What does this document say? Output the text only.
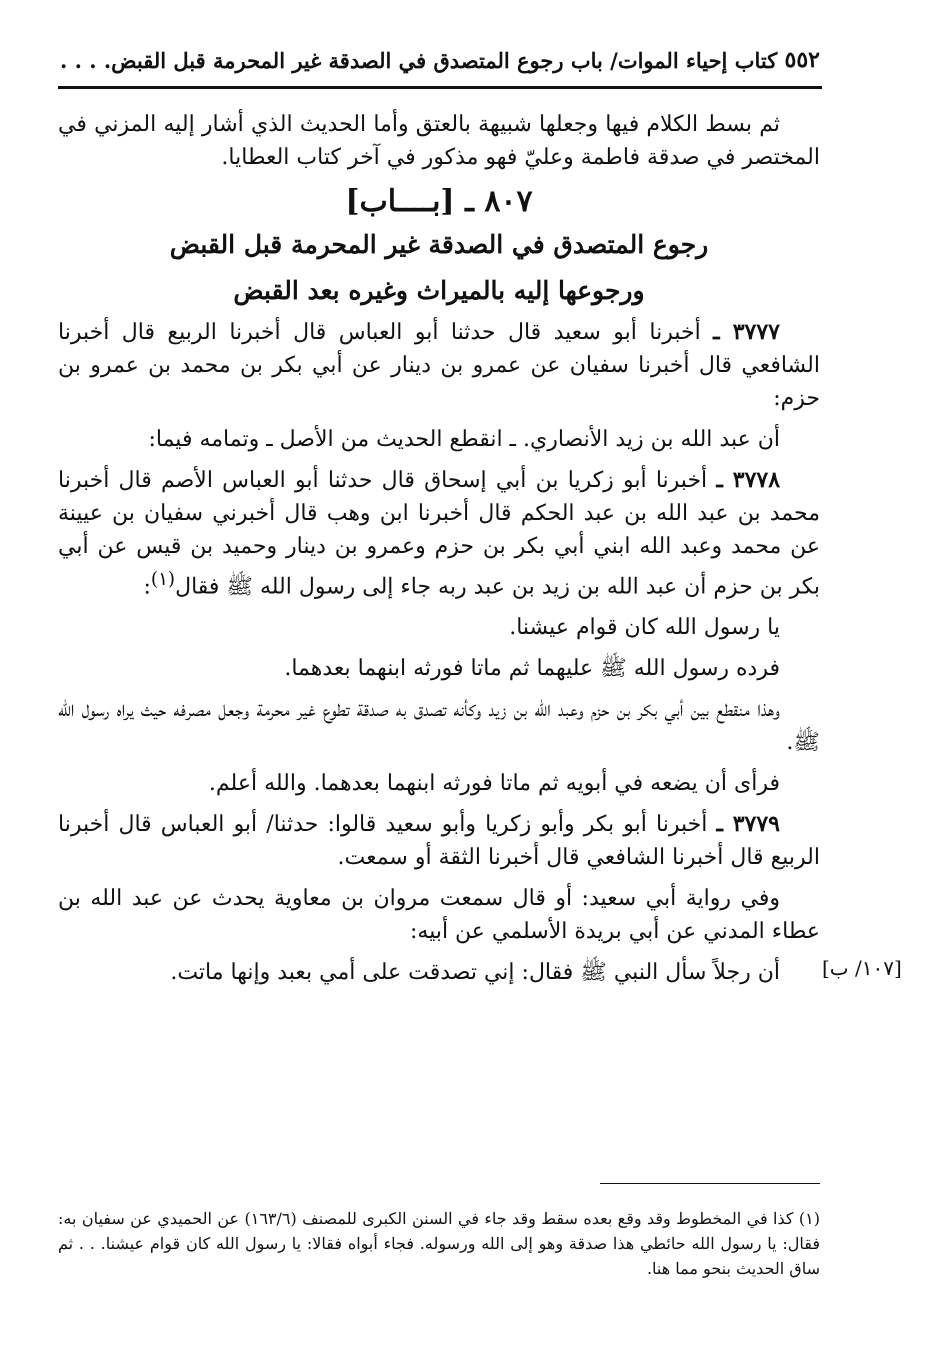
٥٥٢
كتاب إحياء الموات/ باب رجوع المتصدق في الصدقة غير المحرمة قبل القبض. . . .

ثم بسط الكلام فيها وجعلها شبيهة بالعتق وأما الحديث الذي أشار إليه المزني في المختصر في صدقة فاطمة وعليّ فهو مذكور في آخر كتاب العطايا.

٨٠٧ ـ [بــــاب]

رجوع المتصدق في الصدقة غير المحرمة قبل القبض

ورجوعها إليه بالميراث وغيره بعد القبض

٣٧٧٧ ـ أخبرنا أبو سعيد قال حدثنا أبو العباس قال أخبرنا الربيع قال أخبرنا الشافعي قال أخبرنا سفيان عن عمرو بن دينار عن أبي بكر بن محمد بن عمرو بن حزم:

أن عبد الله بن زيد الأنصاري. ـ انقطع الحديث من الأصل ـ وتمامه فيما:

٣٧٧٨ ـ أخبرنا أبو زكريا بن أبي إسحاق قال حدثنا أبو العباس الأصم قال أخبرنا محمد بن عبد الله بن عبد الحكم قال أخبرنا ابن وهب قال أخبرني سفيان بن عيينة عن محمد وعبد الله ابني أبي بكر بن حزم وعمرو بن دينار وحميد بن قيس عن أبي بكر بن حزم أن عبد الله بن زيد بن عبد ربه جاء إلى رسول الله ﷺ فقال$^{(١)}$:

يا رسول الله كان قوام عيشنا.

فرده رسول الله ﷺ عليهما ثم ماتا فورثه ابنهما بعدهما.

وهذا منقطع بين أبي بكر بن حزم وعبد الله بن زيد وكأنه تصدق به صدقة تطوع غير محرمة وجعل مصرفه حيث يراه رسول الله ﷺ.

فرأى أن يضعه في أبويه ثم ماتا فورثه ابنهما بعدهما. والله أعلم.

٣٧٧٩ ـ أخبرنا أبو بكر وأبو زكريا وأبو سعيد قالوا: حدثنا/ أبو العباس قال أخبرنا الربيع قال أخبرنا الشافعي قال أخبرنا الثقة أو سمعت.

وفي رواية أبي سعيد: أو قال سمعت مروان بن معاوية يحدث عن عبد الله بن عطاء المدني عن أبي بريدة الأسلمي عن أبيه:

أن رجلاً سأل النبي ﷺ فقال: إني تصدقت على أمي بعبد وإنها ماتت.	[١٠٧/ ب]
(١) كذا في المخطوط وقد وقع بعده سقط وقد جاء في السنن الكبرى للمصنف (١٦٣/٦) عن الحميدي عن سفيان به: فقال: يا رسول الله حائطي هذا صدقة وهو إلى الله ورسوله. فجاء أبواه فقالا: يا رسول الله كان قوام عيشنا. . . ثم ساق الحديث بنحو مما هنا.
